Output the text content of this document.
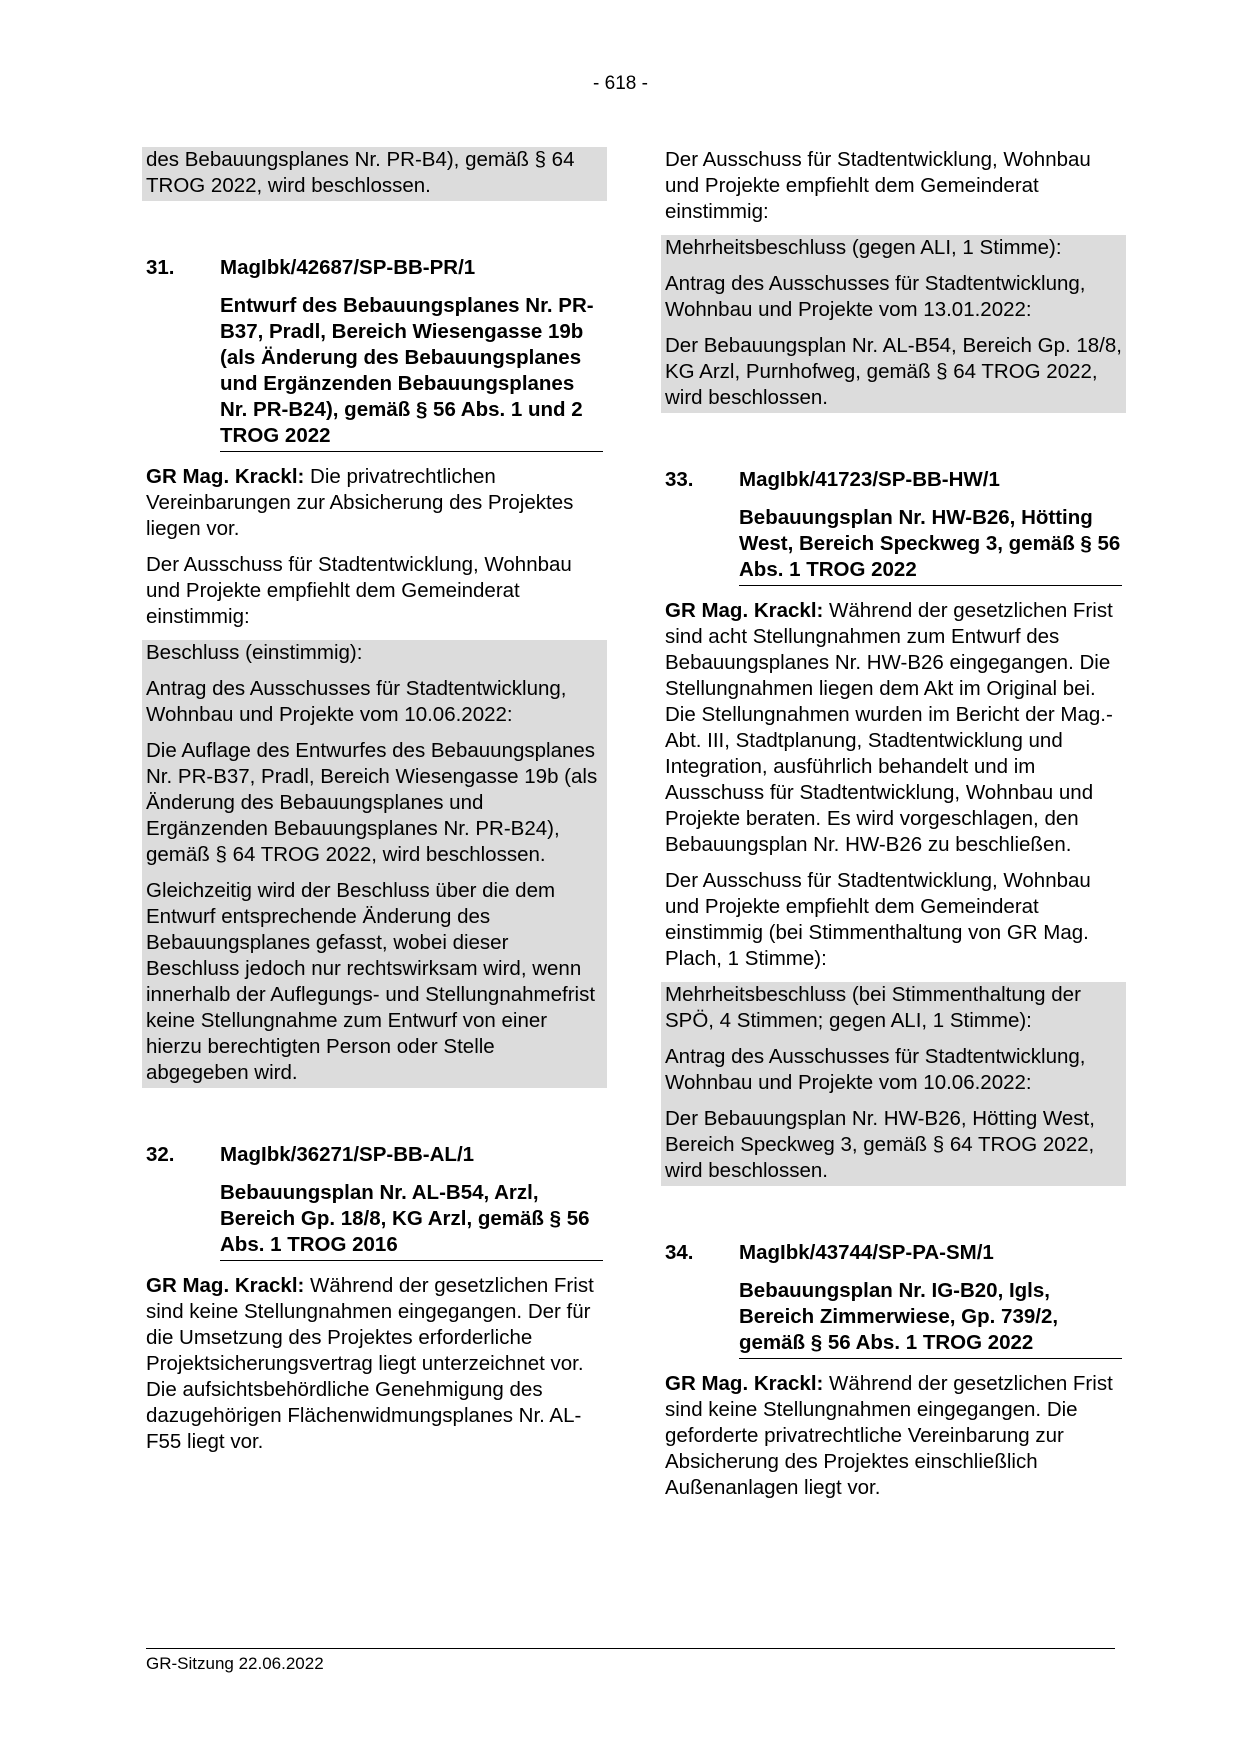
- 618 -

des Bebauungsplanes Nr. PR-B4), gemäß § 64 TROG 2022, wird beschlossen.

31.	MagIbk/42687/SP-BB-PR/1
Entwurf des Bebauungsplanes Nr. PR-B37, Pradl, Bereich Wiesengasse 19b (als Änderung des Bebauungsplanes und Ergänzenden Bebauungsplanes Nr. PR-B24), gemäß § 56 Abs. 1 und 2 TROG 2022

GR Mag. Krackl: Die privatrechtlichen Vereinbarungen zur Absicherung des Projektes liegen vor.

Der Ausschuss für Stadtentwicklung, Wohnbau und Projekte empfiehlt dem Gemeinderat einstimmig:

Beschluss (einstimmig):

Antrag des Ausschusses für Stadtentwicklung, Wohnbau und Projekte vom 10.06.2022:

Die Auflage des Entwurfes des Bebauungsplanes Nr. PR-B37, Pradl, Bereich Wiesengasse 19b (als Änderung des Bebauungsplanes und Ergänzenden Bebauungsplanes Nr. PR-B24), gemäß § 64 TROG 2022, wird beschlossen.

Gleichzeitig wird der Beschluss über die dem Entwurf entsprechende Änderung des Bebauungsplanes gefasst, wobei dieser Beschluss jedoch nur rechtswirksam wird, wenn innerhalb der Auflegungs- und Stellungnahmefrist keine Stellungnahme zum Entwurf von einer hierzu berechtigten Person oder Stelle abgegeben wird.

32.	MagIbk/36271/SP-BB-AL/1
Bebauungsplan Nr. AL-B54, Arzl, Bereich Gp. 18/8, KG Arzl, gemäß § 56 Abs. 1 TROG 2016

GR Mag. Krackl: Während der gesetzlichen Frist sind keine Stellungnahmen eingegangen. Der für die Umsetzung des Projektes erforderliche Projektsicherungsvertrag liegt unterzeichnet vor. Die aufsichtsbehördliche Genehmigung des dazugehörigen Flächenwidmungsplanes Nr. AL-F55 liegt vor.

Der Ausschuss für Stadtentwicklung, Wohnbau und Projekte empfiehlt dem Gemeinderat einstimmig:

Mehrheitsbeschluss (gegen ALI, 1 Stimme):

Antrag des Ausschusses für Stadtentwicklung, Wohnbau und Projekte vom 13.01.2022:

Der Bebauungsplan Nr. AL-B54, Bereich Gp. 18/8, KG Arzl, Purnhofweg, gemäß § 64 TROG 2022, wird beschlossen.

33.	MagIbk/41723/SP-BB-HW/1
Bebauungsplan Nr. HW-B26, Hötting West, Bereich Speckweg 3, gemäß § 56 Abs. 1 TROG 2022

GR Mag. Krackl: Während der gesetzlichen Frist sind acht Stellungnahmen zum Entwurf des Bebauungsplanes Nr. HW-B26 eingegangen. Die Stellungnahmen liegen dem Akt im Original bei. Die Stellungnahmen wurden im Bericht der Mag.-Abt. III, Stadtplanung, Stadtentwicklung und Integration, ausführlich behandelt und im Ausschuss für Stadtentwicklung, Wohnbau und Projekte beraten. Es wird vorgeschlagen, den Bebauungsplan Nr. HW-B26 zu beschließen.

Der Ausschuss für Stadtentwicklung, Wohnbau und Projekte empfiehlt dem Gemeinderat einstimmig (bei Stimmenthaltung von GR Mag. Plach, 1 Stimme):

Mehrheitsbeschluss (bei Stimmenthaltung der SPÖ, 4 Stimmen; gegen ALI, 1 Stimme):

Antrag des Ausschusses für Stadtentwicklung, Wohnbau und Projekte vom 10.06.2022:

Der Bebauungsplan Nr. HW-B26, Hötting West, Bereich Speckweg 3, gemäß § 64 TROG 2022, wird beschlossen.

34.	MagIbk/43744/SP-PA-SM/1
Bebauungsplan Nr. IG-B20, Igls, Bereich Zimmerwiese, Gp. 739/2, gemäß § 56 Abs. 1 TROG 2022

GR Mag. Krackl: Während der gesetzlichen Frist sind keine Stellungnahmen eingegangen. Die geforderte privatrechtliche Vereinbarung zur Absicherung des Projektes einschließlich Außenanlagen liegt vor.

GR-Sitzung 22.06.2022
